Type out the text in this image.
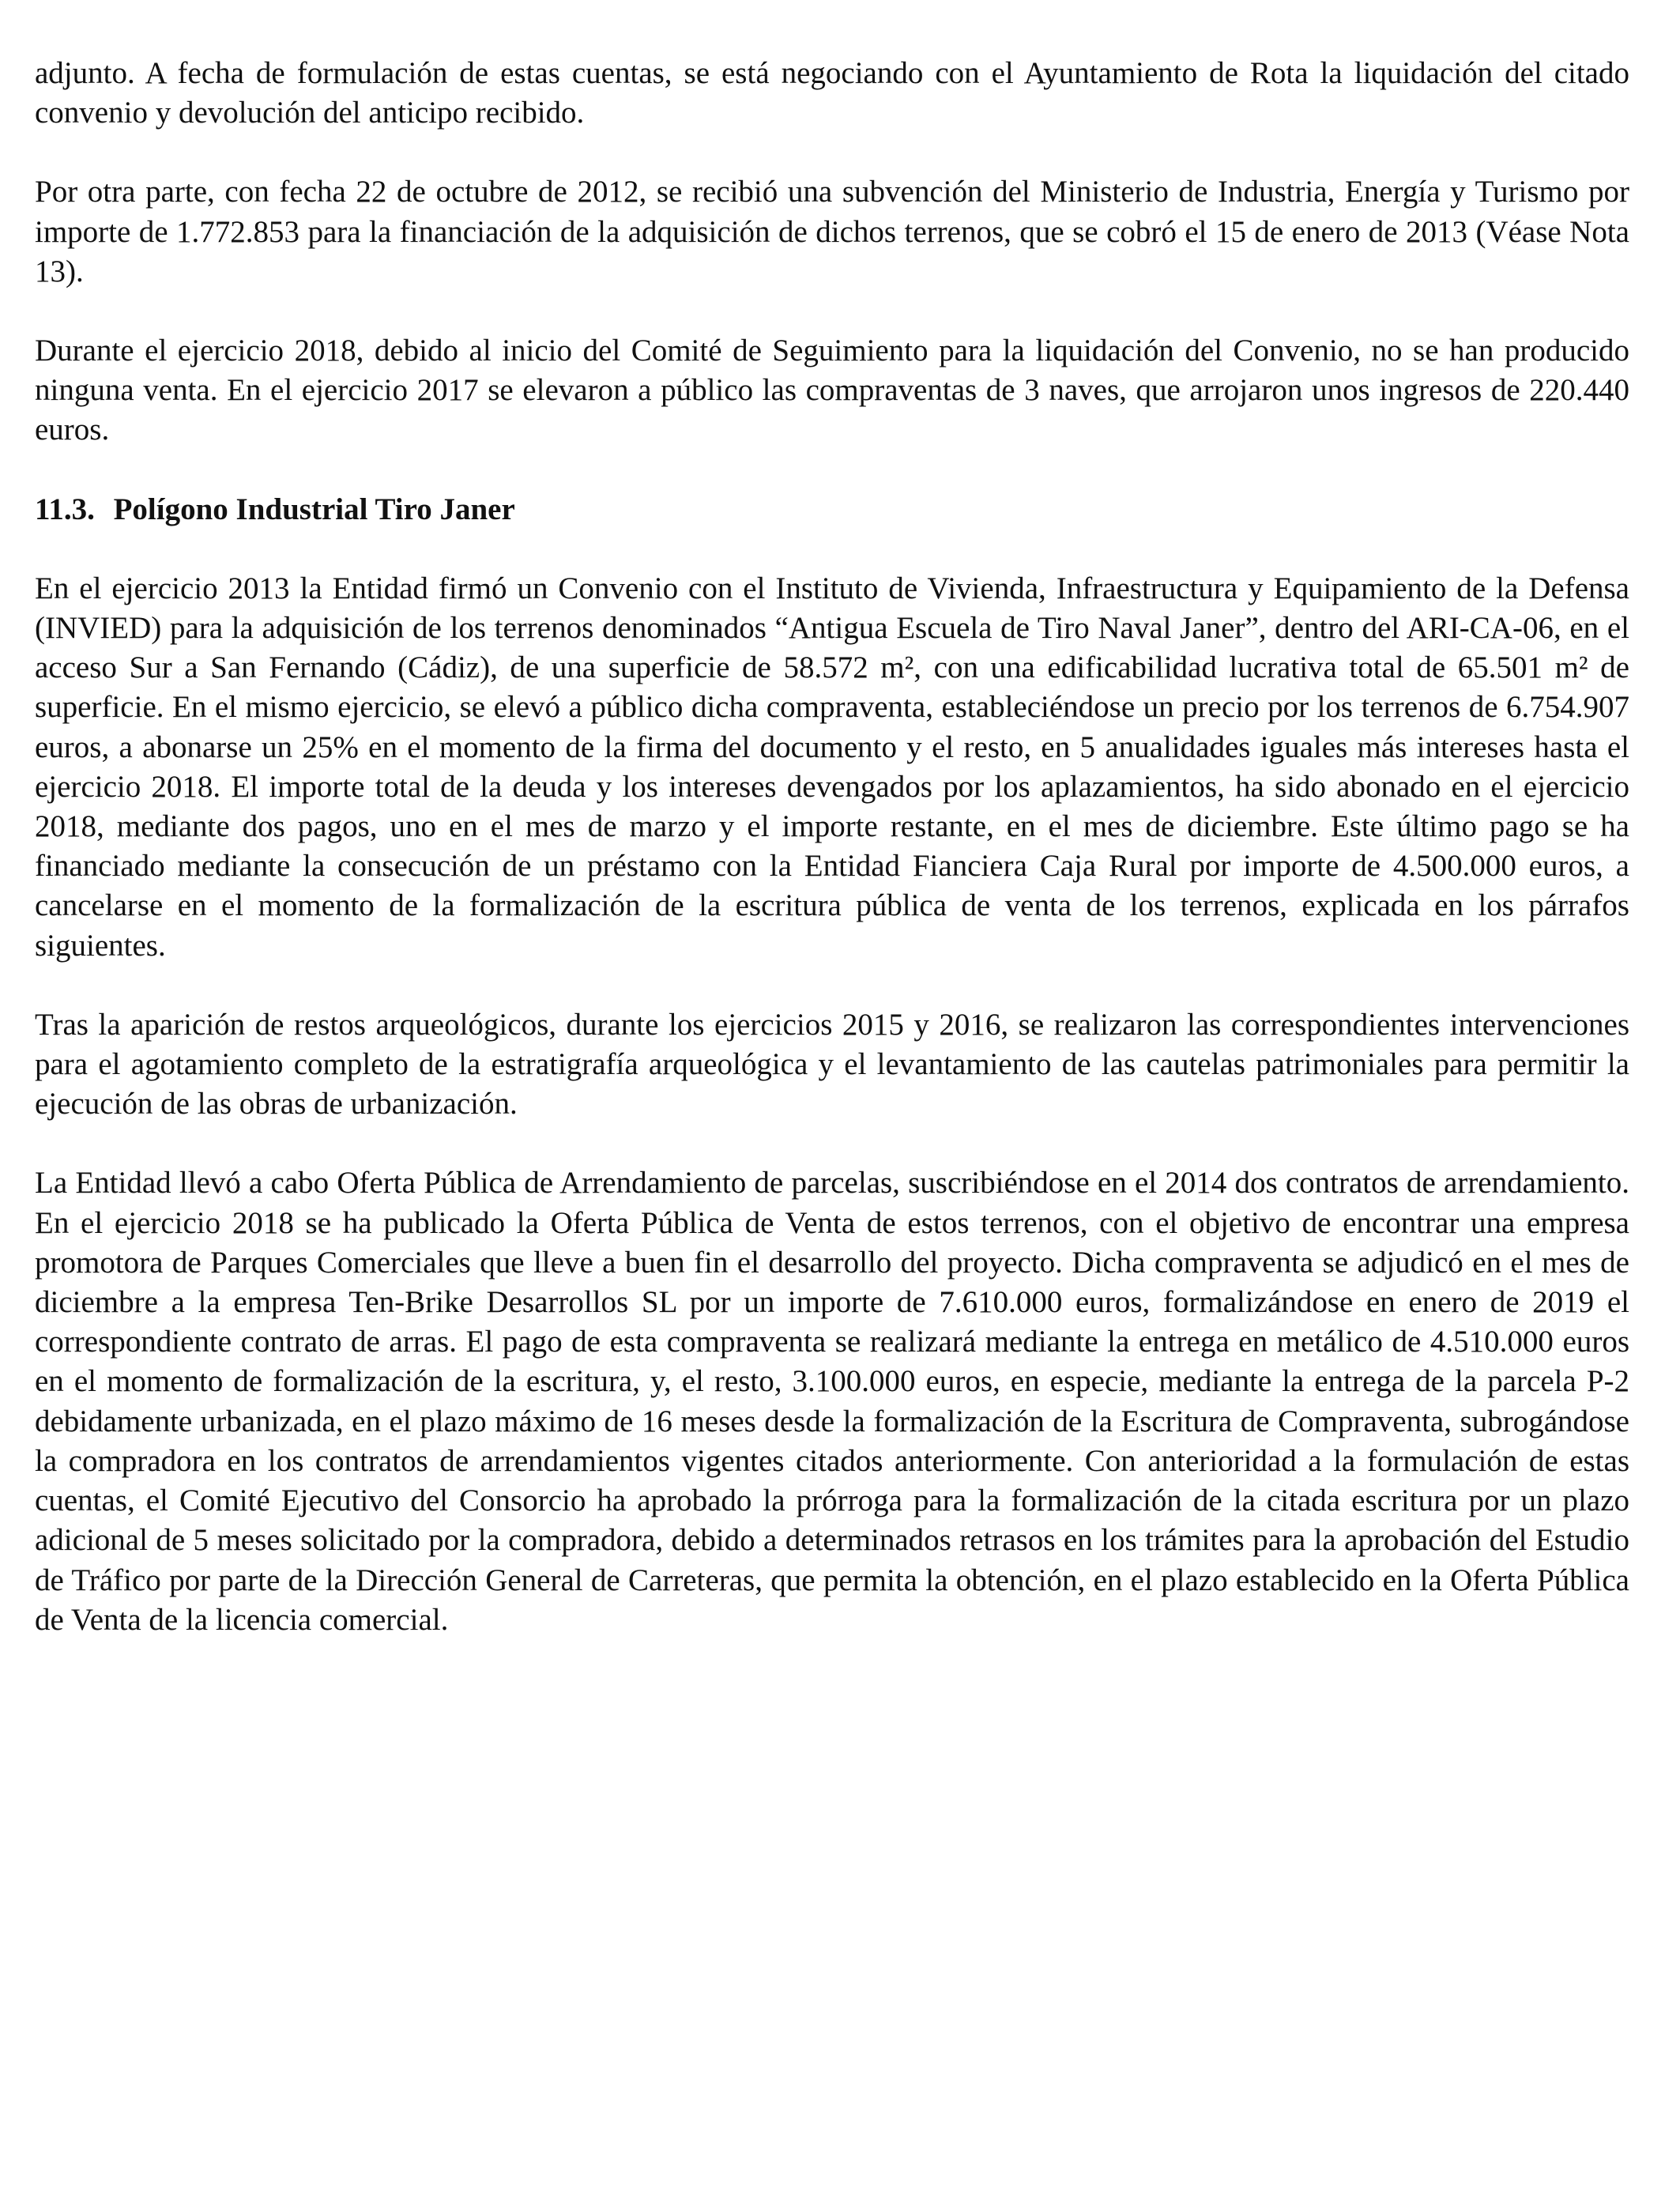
adjunto. A fecha de formulación de estas cuentas, se está negociando con el Ayuntamiento de Rota la liquidación del citado convenio y devolución del anticipo recibido.

Por otra parte, con fecha 22 de octubre de 2012, se recibió una subvención del Ministerio de Industria, Energía y Turismo por importe de 1.772.853 para la financiación de la adquisición de dichos terrenos, que se cobró el 15 de enero de 2013 (Véase Nota 13).

Durante el ejercicio 2018, debido al inicio del Comité de Seguimiento para la liquidación del Convenio, no se han producido ninguna venta. En el ejercicio 2017 se elevaron a público las compraventas de 3 naves, que arrojaron unos ingresos de 220.440 euros.

11.3. Polígono Industrial Tiro Janer

En el ejercicio 2013 la Entidad firmó un Convenio con el Instituto de Vivienda, Infraestructura y Equipamiento de la Defensa (INVIED) para la adquisición de los terrenos denominados “Antigua Escuela de Tiro Naval Janer”, dentro del ARI-CA-06, en el acceso Sur a San Fernando (Cádiz), de una superficie de 58.572 m², con una edificabilidad lucrativa total de 65.501 m² de superficie. En el mismo ejercicio, se elevó a público dicha compraventa, estableciéndose un precio por los terrenos de 6.754.907 euros, a abonarse un 25% en el momento de la firma del documento y el resto, en 5 anualidades iguales más intereses hasta el ejercicio 2018. El importe total de la deuda y los intereses devengados por los aplazamientos, ha sido abonado en el ejercicio 2018, mediante dos pagos, uno en el mes de marzo y el importe restante, en el mes de diciembre. Este último pago se ha financiado mediante la consecución de un préstamo con la Entidad Fianciera Caja Rural por importe de 4.500.000 euros, a cancelarse en el momento de la formalización de la escritura pública de venta de los terrenos, explicada en los párrafos siguientes.

Tras la aparición de restos arqueológicos, durante los ejercicios 2015 y 2016, se realizaron las correspondientes intervenciones para el agotamiento completo de la estratigrafía arqueológica y el levantamiento de las cautelas patrimoniales para permitir la ejecución de las obras de urbanización.

La Entidad llevó a cabo Oferta Pública de Arrendamiento de parcelas, suscribiéndose en el 2014 dos contratos de arrendamiento. En el ejercicio 2018 se ha publicado la Oferta Pública de Venta de estos terrenos, con el objetivo de encontrar una empresa promotora de Parques Comerciales que lleve a buen fin el desarrollo del proyecto. Dicha compraventa se adjudicó en el mes de diciembre a la empresa Ten-Brike Desarrollos SL por un importe de 7.610.000 euros, formalizándose en enero de 2019 el correspondiente contrato de arras. El pago de esta compraventa se realizará mediante la entrega en metálico de 4.510.000 euros en el momento de formalización de la escritura, y, el resto, 3.100.000 euros, en especie, mediante la entrega de la parcela P-2 debidamente urbanizada, en el plazo máximo de 16 meses desde la formalización de la Escritura de Compraventa, subrogándose la compradora en los contratos de arrendamientos vigentes citados anteriormente. Con anterioridad a la formulación de estas cuentas, el Comité Ejecutivo del Consorcio ha aprobado la prórroga para la formalización de la citada escritura por un plazo adicional de 5 meses solicitado por la compradora, debido a determinados retrasos en los trámites para la aprobación del Estudio de Tráfico por parte de la Dirección General de Carreteras, que permita la obtención, en el plazo establecido en la Oferta Pública de Venta de la licencia comercial.
